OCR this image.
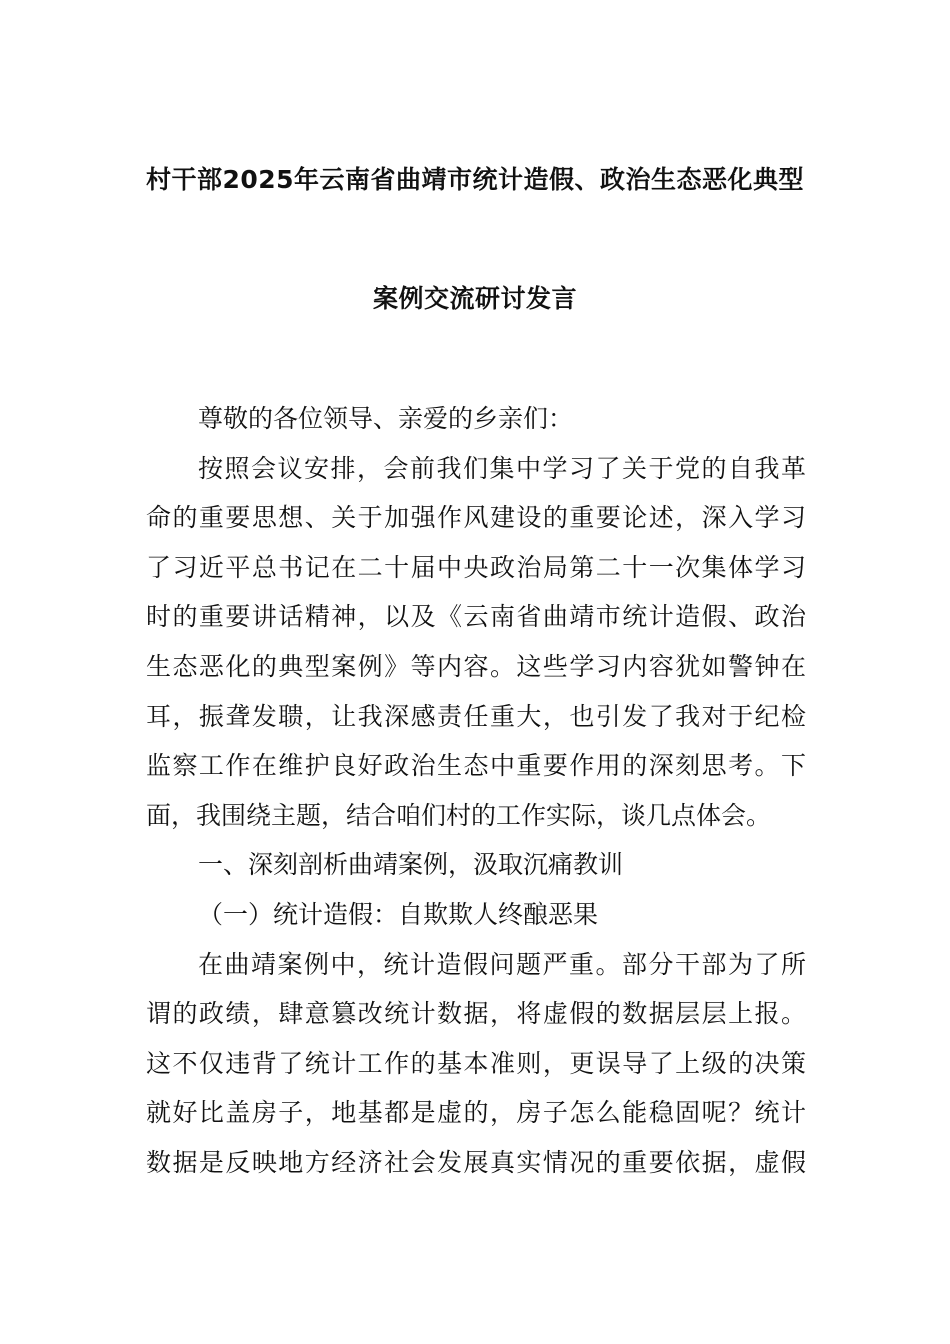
村干部2025年云南省曲靖市统计造假、政治生态恶化典型
案例交流研讨发言
尊敬的各位领导、亲爱的乡亲们：
按照会议安排，会前我们集中学习了关于党的自我革
命的重要思想、关于加强作风建设的重要论述，深入学习
了习近平总书记在二十届中央政治局第二十一次集体学习
时的重要讲话精神，以及《云南省曲靖市统计造假、政治
生态恶化的典型案例》等内容。这些学习内容犹如警钟在
耳，振聋发聩，让我深感责任重大，也引发了我对于纪检
监察工作在维护良好政治生态中重要作用的深刻思考。下
面，我围绕主题，结合咱们村的工作实际，谈几点体会。
一、深刻剖析曲靖案例，汲取沉痛教训
（一）统计造假：自欺欺人终酿恶果
在曲靖案例中，统计造假问题严重。部分干部为了所
谓的政绩，肆意篡改统计数据，将虚假的数据层层上报。
这不仅违背了统计工作的基本准则，更误导了上级的决策
就好比盖房子，地基都是虚的，房子怎么能稳固呢？统计
数据是反映地方经济社会发展真实情况的重要依据，虚假
